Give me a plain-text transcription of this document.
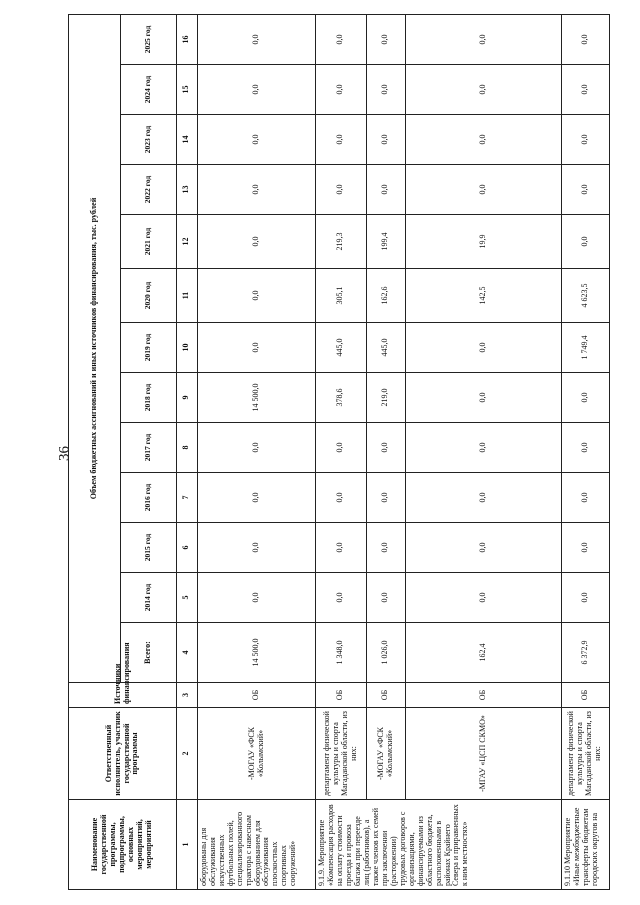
36
Наименование государственной программы, подпрограммы, основных мероприятий, мероприятий	Ответственный исполнитель, участник государственной программы	Источники финансирования	Объем бюджетных ассигнований и иных источников финансирования, тыс. рублей												
			Всего:	2014 год	2015 год	2016 год	2017 год	2018 год	2019 год	2020 год	2021 год	2022 год	2023 год	2024 год	2025 год
1	2	3	4	5	6	7	8	9	10	11	12	13	14	15	16
оборудованы для обслуживания искусственных футбольных полей, специализированного трактора с навесным оборудованием для обслуживания плоскостных спортивных сооружений»	-МОГАУ «ФСК «Колымский»	ОБ	14 500,0	0,0	0,0	0,0	0,0	14 500,0	0,0	0,0	0,0	0,0	0,0	0,0	0,0
9.1.9. Мероприятие «Компенсация расходов на оплату стоимости проезда и провоза багажа при переезде лиц (работников), а также членов их семей при заключении (расторжении) трудовых договоров с организациями, финансируемыми из областного бюджета, расположенными в районах Крайнего Севера и приравненных к ним местностях»	департамент физической культуры и спорта Магаданской области, из них:	ОБ	1 348,0	0,0	0,0	0,0	0,0	378,6	445,0	305,1	219,3	0,0	0,0	0,0	0,0
	-МОГАУ «ФСК «Колымский»	ОБ	1 026,0	0,0	0,0	0,0	0,0	219,0	445,0	162,6	199,4	0,0	0,0	0,0	0,0
	-МГАУ «ЦСП СКМО»	ОБ	162,4	0,0	0,0	0,0	0,0	0,0	0,0	142,5	19,9	0,0	0,0	0,0	0,0
9.1.10 Мероприятие «Иные межбюджетные трансферты бюджетам городских округов на	департамент физической культуры и спорта Магаданской области, из них:	ОБ	6 372,9	0,0	0,0	0,0	0,0	0,0	1 749,4	4 623,5	0,0	0,0	0,0	0,0	0,0
